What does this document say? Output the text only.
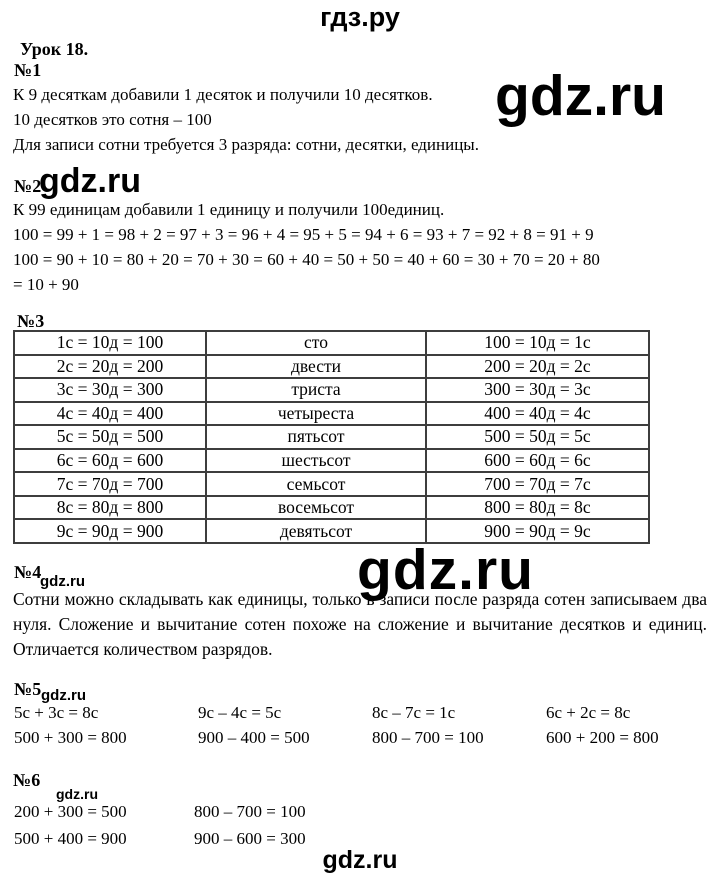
гдз.ру
Урок 18.
№1
К 9 десяткам добавили 1 десяток и получили 10 десятков.
10 десятков это сотня – 100
Для записи сотни требуется 3 разряда: сотни, десятки, единицы.
gdz.ru
№2
gdz.ru
К 99 единицам добавили 1 единицу и получили 100единиц.
100 = 99 + 1 = 98 + 2 = 97 + 3 = 96 + 4 = 95 + 5 = 94 + 6 = 93 + 7 = 92 + 8 = 91 + 9
100 = 90 + 10 = 80 + 20 = 70 + 30 = 60 + 40 = 50 + 50 = 40 + 60 = 30 + 70 = 20 + 80
= 10 + 90
№3
1с = 10д = 100	сто	100 = 10д = 1с
2с = 20д = 200	двести	200 = 20д = 2с
3с = 30д = 300	триста	300 = 30д = 3с
4с = 40д = 400	четыреста	400 = 40д = 4с
5с = 50д = 500	пятьсот	500 = 50д = 5с
6с = 60д = 600	шестьсот	600 = 60д = 6с
7с = 70д = 700	семьсот	700 = 70д = 7с
8с = 80д = 800	восемьсот	800 = 80д = 8с
9с = 90д = 900	девятьсот	900 = 90д = 9с
gdz.ru
№4
gdz.ru
Сотни можно складывать как единицы, только в записи после разряда сотен записываем два нуля. Сложение и вычитание сотен похоже на сложение и вычитание десятков и единиц. Отличается количеством разрядов.
№5 gdz.ru
5с + 3с = 8с	9с – 4с = 5с	8с – 7с = 1с	6с + 2с = 8с
500 + 300 = 800	900 – 400 = 500	800 – 700 = 100	600 + 200 = 800
№6
gdz.ru
200 + 300 = 500	800 – 700 = 100
500 + 400 = 900	900 – 600 = 300
gdz.ru
